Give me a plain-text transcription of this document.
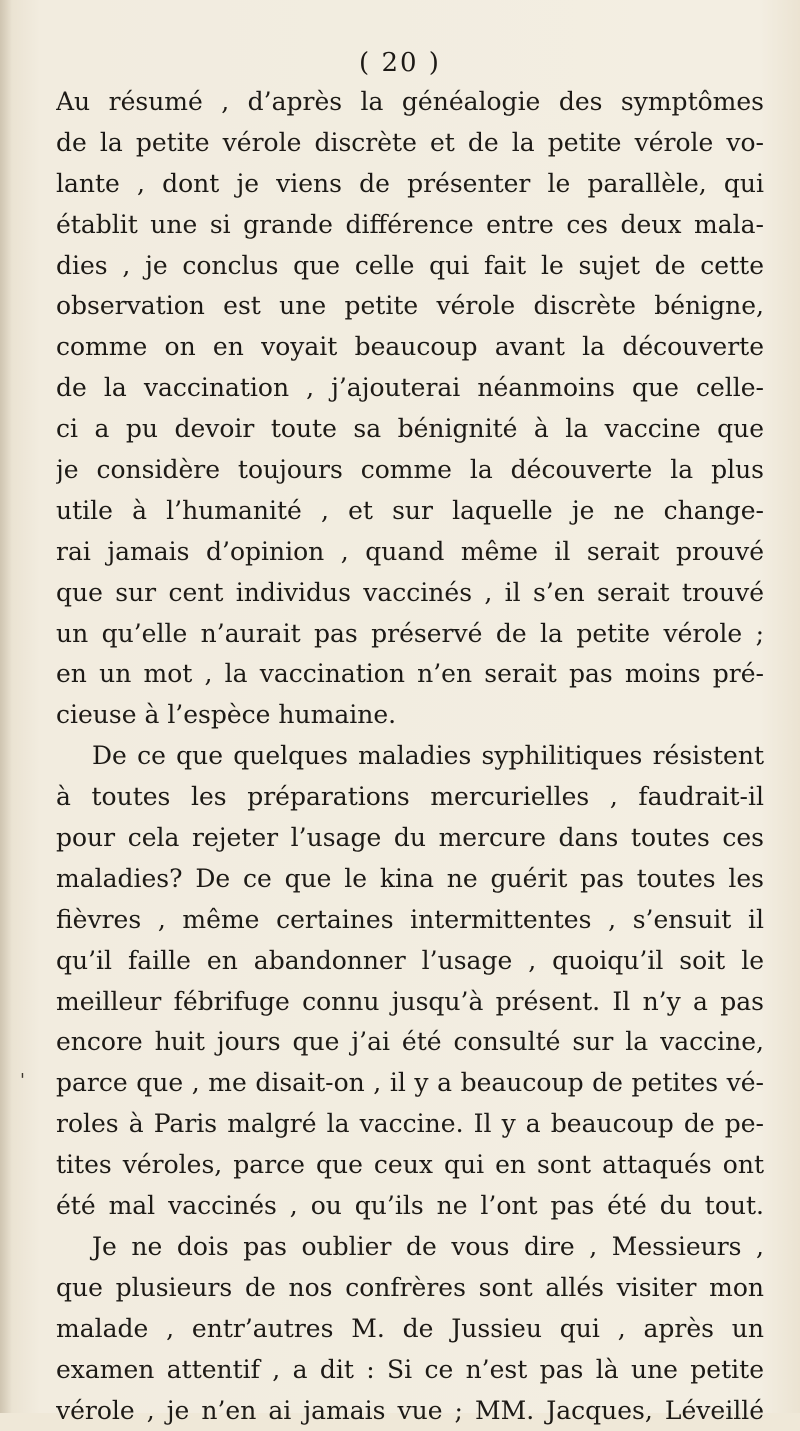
( 20 )
'
Au résumé , d’après la généalogie des symptômes
de la petite vérole discrète et de la petite vérole vo-
lante , dont je viens de présenter le parallèle, qui
établit une si grande différence entre ces deux mala-
dies , je conclus que celle qui fait le sujet de cette
observation est une petite vérole discrète bénigne,
comme on en voyait beaucoup avant la découverte
de la vaccination , j’ajouterai néanmoins que celle-
ci a pu devoir toute sa bénignité à la vaccine que
je considère toujours comme la découverte la plus
utile à l’humanité , et sur laquelle je ne change-
rai jamais d’opinion , quand même il serait prouvé
que sur cent individus vaccinés , il s’en serait trouvé
un qu’elle n’aurait pas préservé de la petite vérole ;
en un mot , la vaccination n’en serait pas moins pré-
cieuse à l’espèce humaine.
De ce que quelques maladies syphilitiques résistent
à toutes les préparations mercurielles , faudrait-il
pour cela rejeter l’usage du mercure dans toutes ces
maladies? De ce que le kina ne guérit pas toutes les
fièvres , même certaines intermittentes , s’ensuit il
qu’il faille en abandonner l’usage , quoiqu’il soit le
meilleur fébrifuge connu jusqu’à présent. Il n’y a pas
encore huit jours que j’ai été consulté sur la vaccine,
parce que , me disait-on , il y a beaucoup de petites vé-
roles à Paris malgré la vaccine. Il y a beaucoup de pe-
tites véroles, parce que ceux qui en sont attaqués ont
été mal vaccinés , ou qu’ils ne l’ont pas été du tout.
Je ne dois pas oublier de vous dire , Messieurs ,
que plusieurs de nos confrères sont allés visiter mon
malade , entr’autres M. de Jussieu qui , après un
examen attentif , a dit : Si ce n’est pas là une petite
vérole , je n’en ai jamais vue ; MM. Jacques, Léveillé
